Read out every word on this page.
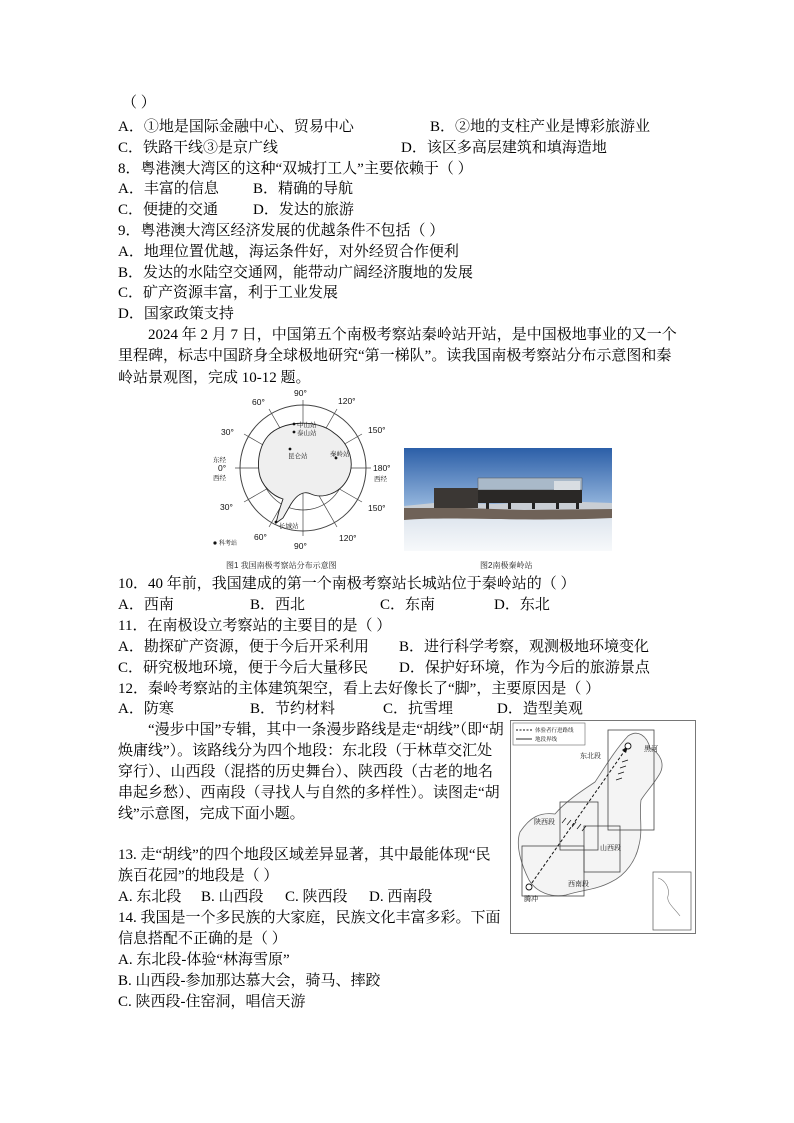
（ ）
A．①地是国际金融中心、贸易中心	B．②地的支柱产业是博彩旅游业
C．铁路干线③是京广线	D．该区多高层建筑和填海造地
8．粤港澳大湾区的这种“双城打工人”主要依赖于（ ）
A．丰富的信息 B．精确的导航
C．便捷的交通 D．发达的旅游
9．粤港澳大湾区经济发展的优越条件不包括（ ）
A．地理位置优越，海运条件好，对外经贸合作便利
B．发达的水陆空交通网，能带动广阔经济腹地的发展
C．矿产资源丰富，利于工业发展
D．国家政策支持
2024 年 2 月 7 日，中国第五个南极考察站秦岭站开站，是中国极地事业的又一个里程碑，标志中国跻身全球极地研究“第一梯队”。读我国南极考察站分布示意图和秦岭站景观图，完成 10-12 题。
90°
60°	120°
30°	150°
0°	180°
30°	150°
60°
90°
120°
东经
西经	西经
中山站
泰山站
昆仑站	秦岭站
长城站
科考站
图1 我国南极考察站分布示意图	图2南极秦岭站
10．40 年前，我国建成的第一个南极考察站长城站位于秦岭站的（ ）
A．西南	B．西北	C．东南	D．东北
11．在南极设立考察站的主要目的是（ ）
A．勘探矿产资源，便于今后开采利用 B．进行科学考察，观测极地环境变化
C．研究极地环境，便于今后大量移民 D．保护好环境，作为今后的旅游景点
12．秦岭考察站的主体建筑架空，看上去好像长了“脚”，主要原因是（ ）
A．防寒	B．节约材料	C．抗雪埋	D．造型美观
“漫步中国”专辑，其中一条漫步路线是走“胡线”（即“胡焕庸线”）。该路线分为四个地段：东北段（于林草交汇处穿行）、山西段（混搭的历史舞台）、陕西段（古老的地名串起乡愁）、西南段（寻找人与自然的多样性）。读图走“胡线”示意图，完成下面小题。
体验者行进路线
地段界线
黑河
东北段
陕西段
山西段
西南段
腾冲
13. 走“胡线”的四个地段区域差异显著，其中最能体现“民族百花园”的地段是（ ）
A. 东北段 B. 山西段 C. 陕西段 D. 西南段
14. 我国是一个多民族的大家庭，民族文化丰富多彩。下面信息搭配不正确的是（ ）
A. 东北段-体验“林海雪原”
B. 山西段-参加那达慕大会，骑马、摔跤
C. 陕西段-住窑洞，唱信天游
